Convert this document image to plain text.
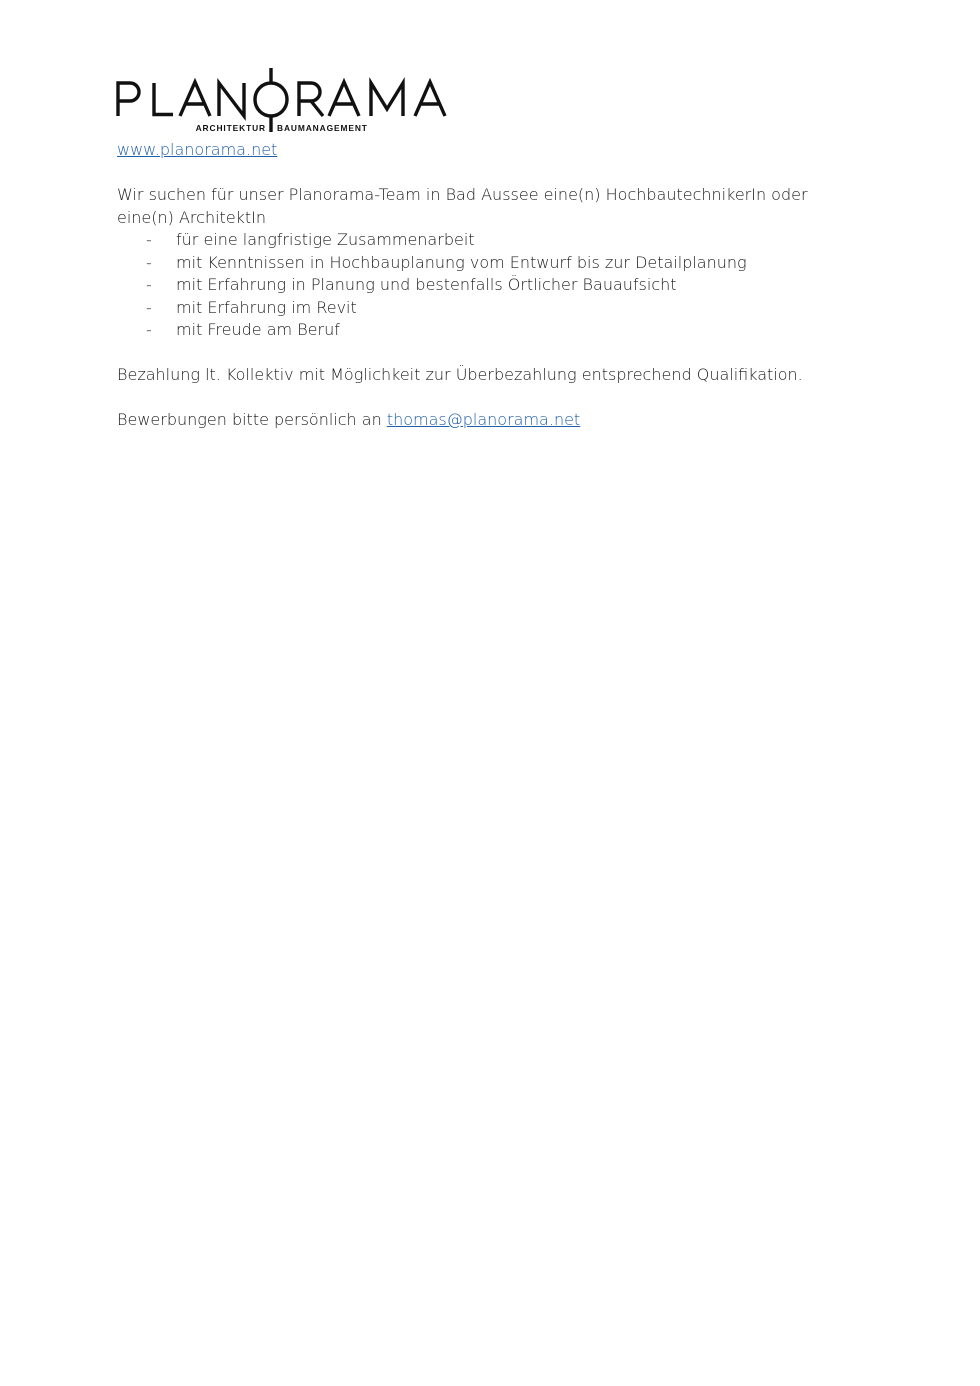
ARCHITEKTUR BAUMANAGEMENT

www.planorama.net

Wir suchen für unser Planorama-Team in Bad Aussee eine(n) HochbautechnikerIn oder eine(n) ArchitektIn

- für eine langfristige Zusammenarbeit
- mit Kenntnissen in Hochbauplanung vom Entwurf bis zur Detailplanung
- mit Erfahrung in Planung und bestenfalls Örtlicher Bauaufsicht
- mit Erfahrung im Revit
- mit Freude am Beruf

Bezahlung lt. Kollektiv mit Möglichkeit zur Überbezahlung entsprechend Qualifikation.

Bewerbungen bitte persönlich an thomas@planorama.net
